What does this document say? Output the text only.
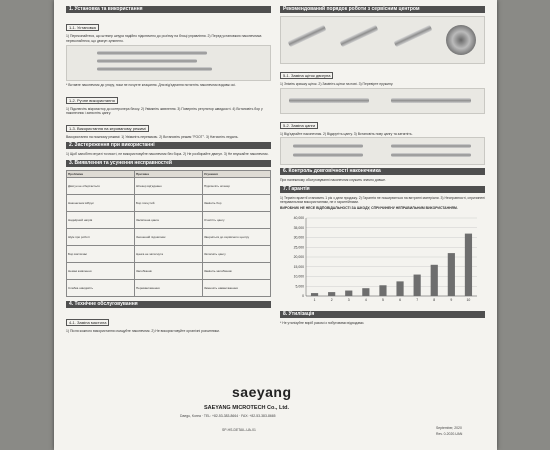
1. Установка та використання
1-1. Установка
1) Переконайтеся, що штекер шнура надійно підключено до роз'єму на блоці управління. 2) Перед установкою наконечника переконайтеся, що двигун зупинено.
* Вставте наконечник до упору, поки не почуєте клацання. Для від'єднання потягніть наконечник вздовж осі.
1-2. Ручне використання
1) Підключіть мікромотор до контролера блоку. 2) Увімкніть живлення. 3) Поверніть регулятор швидкості. 4) Встановіть бор у наконечник і затисніть цангу.
1-3. Використання на керованому режимі
Використання на ножному режимі: 1) Увімкніть перемикач. 2) Встановіть режим "FOOT". 3) Натисніть педаль.
2. Застереження при використанні
1) Щоб запобігти втраті точності, не використовуйте наконечник без бора. 2) Не розбирайте двигун. 3) Не впускайте наконечник.
3. Виявлення та усунення несправностей
Проблема	Причина	Усунення
Двигун не обертається	Штекер від'єднано	Підключіть штекер
Наконечник вібрує	Бор погнутий	Замініть бор
Надмірний нагрів	Засмічена цанга	Очистіть цангу
Шум при роботі	Зношений підшипник	Зверніться до сервісного центру
Бор вислизає	Цанга не затиснута	Затисніть цангу
Немає живлення	Запобіжник	Замініть запобіжник
Слабка швидкість	Перевантаження	Зменшіть навантаження
4. Технічне обслуговування
4-1. Заміна мастила
1) Після кожного використання очищуйте наконечник. 2) Не використовуйте органічні розчинники.
Рекомендований порядок роботи з сервісним центром
5-1. Заміна щіток двигуна
1) Зніміть кришку щіток. 2) Замініть щітки на нові. 3) Перевірте пружину.
5-2. Заміна цанги
1) Від'єднайте наконечник. 2) Відкрутіть цангу. 3) Встановіть нову цангу та затягніть.
6. Контроль довговічності наконечника
При належному обслуговуванні наконечник служить значно довше.
7. Гарантія
1) Термін гарантії становить 1 рік з дати продажу. 2) Гарантія не поширюється на витратні матеріали. 3) Несправності, спричинені неправильним використанням, не є гарантійними.
ВИРОБНИК НЕ НЕСЕ ВІДПОВІДАЛЬНОСТІ ЗА ШКОДУ, СПРИЧИНЕНУ НЕПРАВИЛЬНИМ ВИКОРИСТАННЯМ.
0
5,000
10,000
15,000
20,000
25,000
30,000
35,000
40,000
1	2	3	4	5	6	7	8	9	10
8. Утилізація
* Не утилізуйте виріб разом із побутовими відходами.
saeyang
SAEYANG MICROTECH Co., Ltd.
Daegu, Korea · TEL: +82-53-383-8664 · FAX: +82-53-383-8665
SP-HS-DETAIL-UA-01	September, 2020
Rev. 0-2020.UAN
